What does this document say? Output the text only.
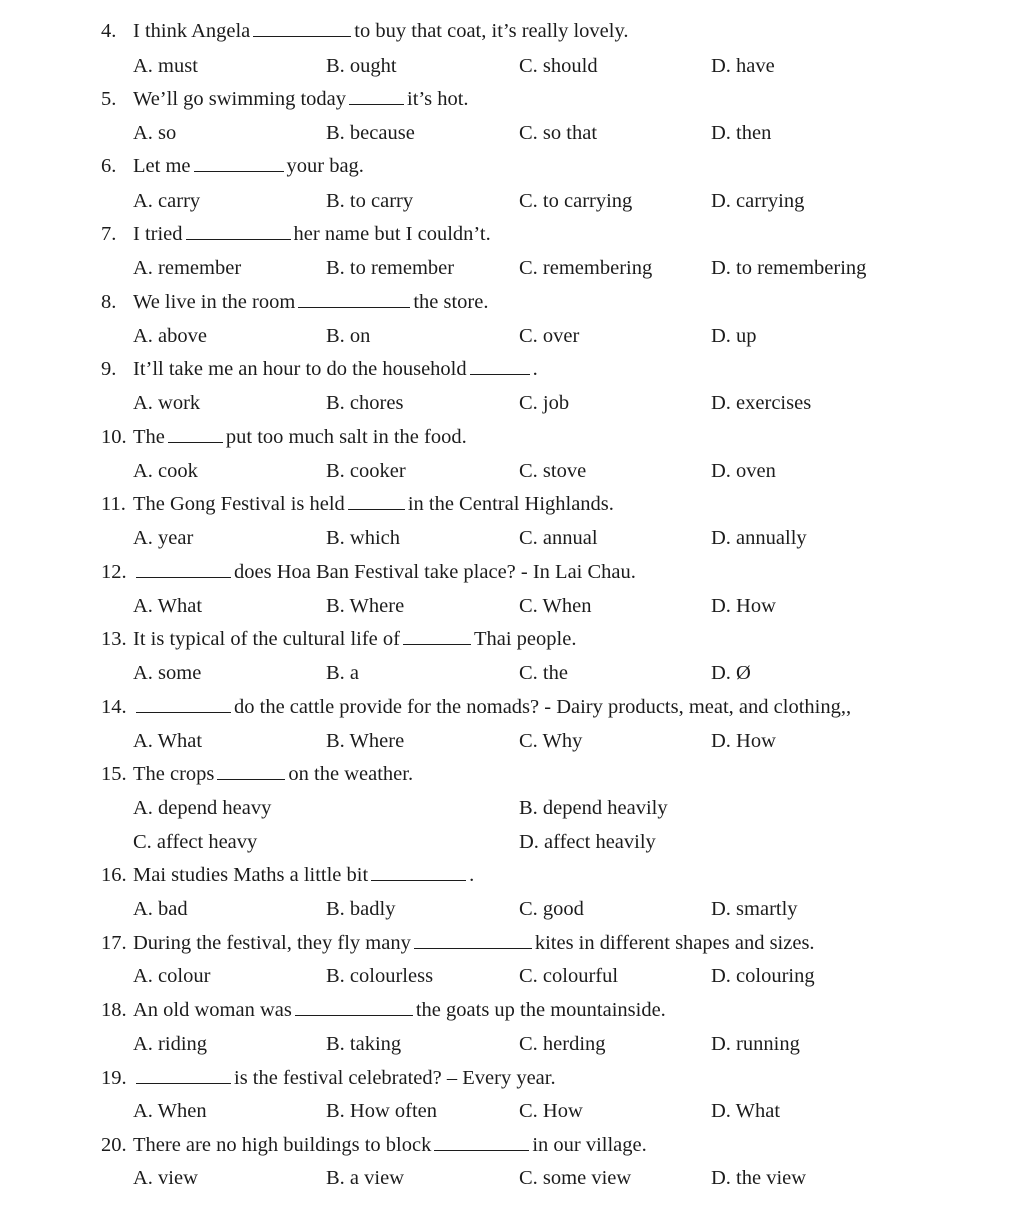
4. I think Angela	to buy that coat, it’s really lovely.
A. must	B. ought	C. should	D. have
5. We’ll go swimming today	it’s hot.
A. so	B. because	C. so that	D. then
6. Let me	your bag.
A. carry	B. to carry	C. to carrying	D. carrying
7. I tried	her name but I couldn’t.
A. remember	B. to remember	C. remembering	D. to remembering
8. We live in the room	the store.
A. above	B. on	C. over	D. up
9. It’ll take me an hour to do the household	.
A. work	B. chores	C. job	D. exercises
10. The	put too much salt in the food.
A. cook	B. cooker	C. stove	D. oven
11. The Gong Festival is held	in the Central Highlands.
A. year	B. which	C. annual	D. annually
12.	does Hoa Ban Festival take place? - In Lai Chau.
A. What	B. Where	C. When	D. How
13. It is typical of the cultural life of	Thai people.
A. some	B. a	C. the	D. Ø
14.	do the cattle provide for the nomads? - Dairy products, meat, and clothing,,
A. What	B. Where	C. Why	D. How
15. The crops	on the weather.
A. depend heavy	B. depend heavily
C. affect heavy	D. affect heavily
16. Mai studies Maths a little bit	.
A. bad	B. badly	C. good	D. smartly
17. During the festival, they fly many	kites in different shapes and sizes.
A. colour	B. colourless	C. colourful	D. colouring
18. An old woman was	the goats up the mountainside.
A. riding	B. taking	C. herding	D. running
19.	is the festival celebrated? – Every year.
A. When	B. How often	C. How	D. What
20. There are no high buildings to block	in our village.
A. view	B. a view	C. some view	D. the view
